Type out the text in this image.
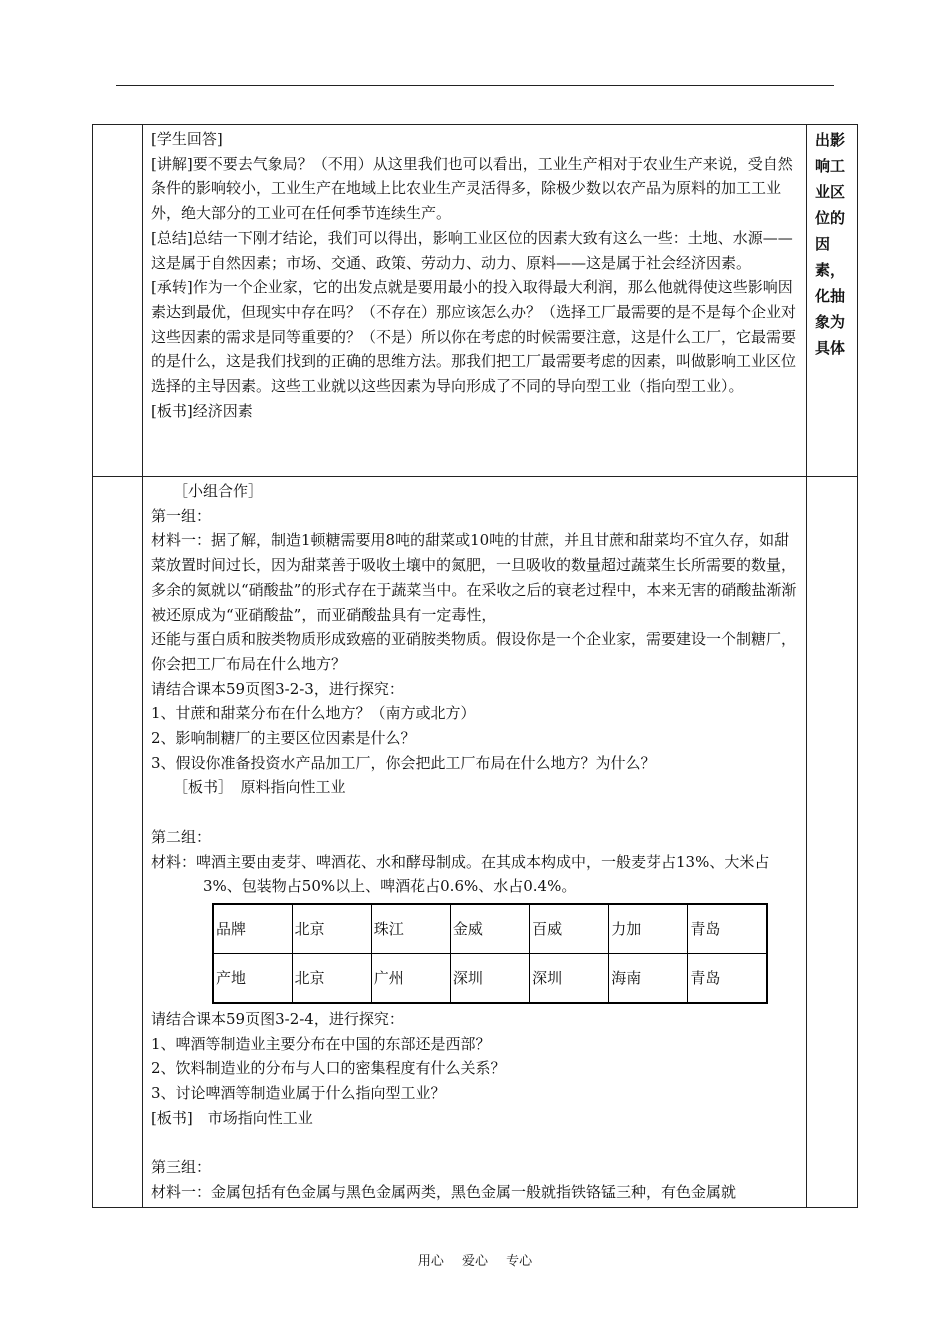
[学生回答]

[讲解]要不要去气象局？（不用）从这里我们也可以看出，工业生产相对于农业生产来说，受自然条件的影响较小，工业生产在地域上比农业生产灵活得多，除极少数以农产品为原料的加工工业外，绝大部分的工业可在任何季节连续生产。

[总结]总结一下刚才结论，我们可以得出，影响工业区位的因素大致有这么一些：土地、水源——这是属于自然因素；市场、交通、政策、劳动力、动力、原料——这是属于社会经济因素。

[承转]作为一个企业家，它的出发点就是要用最小的投入取得最大利润，那么他就得使这些影响因素达到最优，但现实中存在吗？（不存在）那应该怎么办？（选择工厂最需要的是不是每个企业对这些因素的需求是同等重要的？（不是）所以你在考虑的时候需要注意，这是什么工厂，它最需要的是什么，这是我们找到的正确的思维方法。那我们把工厂最需要考虑的因素，叫做影响工业区位选择的主导因素。这些工业就以这些因素为导向形成了不同的导向型工业（指向型工业）。

[板书]经济因素

出影响工业区位的因素，化抽象为具体

［小组合作］

第一组：

材料一：据了解，制造1顿糖需要用8吨的甜菜或10吨的甘蔗，并且甘蔗和甜菜均不宜久存，如甜菜放置时间过长，因为甜菜善于吸收土壤中的氮肥，一旦吸收的数量超过蔬菜生长所需要的数量，多余的氮就以“硝酸盐”的形式存在于蔬菜当中。在采收之后的衰老过程中，本来无害的硝酸盐渐渐被还原成为“亚硝酸盐”，而亚硝酸盐具有一定毒性，

还能与蛋白质和胺类物质形成致癌的亚硝胺类物质。假设你是一个企业家，需要建设一个制糖厂，你会把工厂布局在什么地方？

请结合课本59页图3-2-3，进行探究：

1、甘蔗和甜菜分布在什么地方？（南方或北方）

2、影响制糖厂的主要区位因素是什么？

3、假设你准备投资水产品加工厂，你会把此工厂布局在什么地方？为什么？

［板书］　原料指向性工业

第二组：

材料：啤酒主要由麦芽、啤酒花、水和酵母制成。在其成本构成中，一般麦芽占13%、大米占

3%、包装物占50%以上、啤酒花占0.6%、水占0.4%。

品牌	北京	珠江	金威	百威	力加	青岛
产地	北京	广州	深圳	深圳	海南	青岛

请结合课本59页图3-2-4，进行探究：

1、啤酒等制造业主要分布在中国的东部还是西部？

2、饮料制造业的分布与人口的密集程度有什么关系？

3、讨论啤酒等制造业属于什么指向型工业？

[板书]　市场指向性工业

第三组：

材料一：金属包括有色金属与黑色金属两类，黑色金属一般就指铁铬锰三种，有色金属就

用心 爱心 专心
